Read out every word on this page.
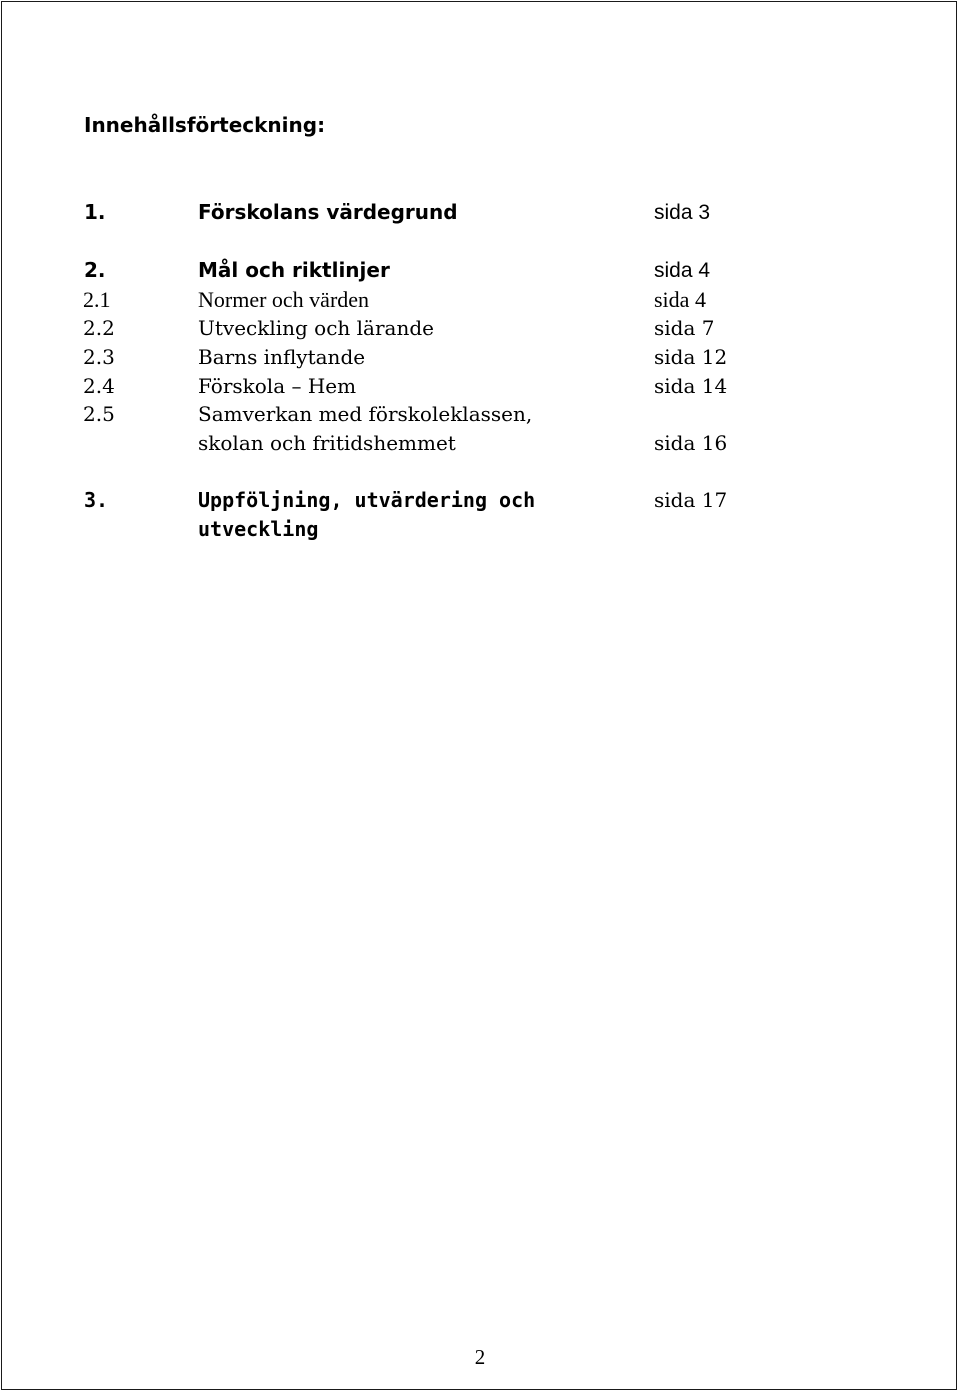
Innehållsförteckning:
1.	Förskolans värdegrund	sida 3
2.	Mål och riktlinjer	sida 4
2.1	Normer och värden	sida 4
2.2	Utveckling och lärande	sida 7
2.3	Barns inflytande	sida 12
2.4	Förskola – Hem	sida 14
2.5	Samverkan med förskoleklassen,
skolan och fritidshemmet	sida 16
3.	Uppföljning, utvärdering och	sida 17
utveckling
2
